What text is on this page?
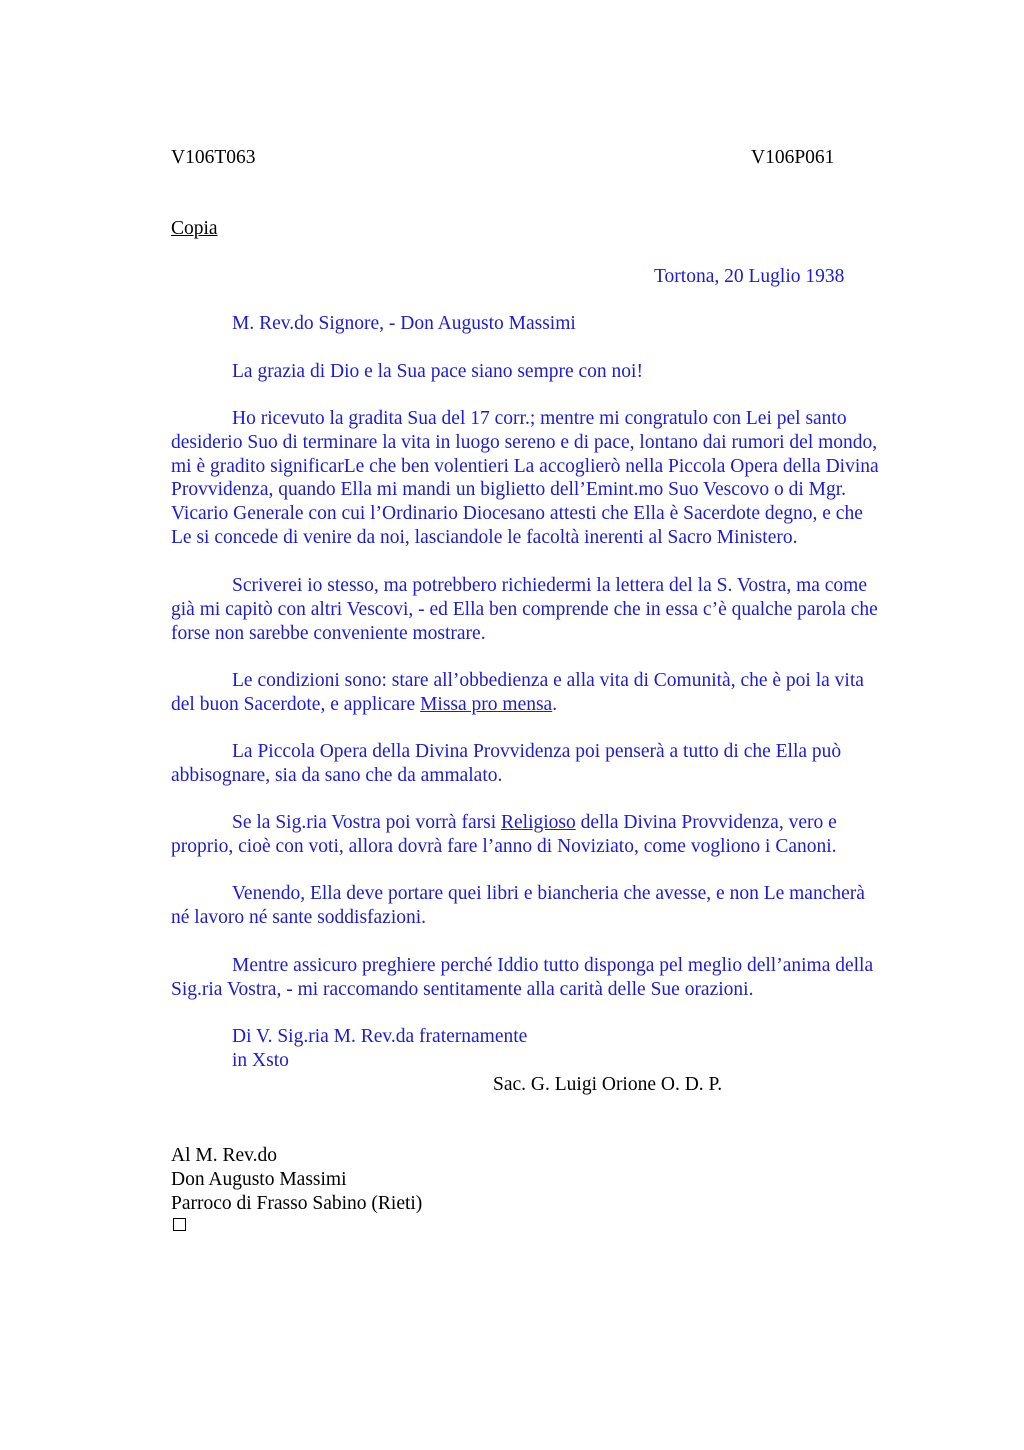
V106T063	V106P061
Copia
Tortona, 20 Luglio 1938
M. Rev.do Signore, - Don Augusto Massimi
La grazia di Dio e la Sua pace siano sempre con noi!
Ho ricevuto la gradita Sua del 17 corr.; mentre mi congratulo con Lei pel santo
desiderio Suo di terminare la vita in luogo sereno e di pace, lontano dai rumori del mondo,
mi è gradito significarLe che ben volentieri La accoglierò nella Piccola Opera della Divina
Provvidenza, quando Ella mi mandi un biglietto dell’Emint.mo Suo Vescovo o di Mgr.
Vicario Generale con cui l’Ordinario Diocesano attesti che Ella è Sacerdote degno, e che
Le si concede di venire da noi, lasciandole le facoltà inerenti al Sacro Ministero.
Scriverei io stesso, ma potrebbero richiedermi la lettera del la S. Vostra, ma come
già mi capitò con altri Vescovi, - ed Ella ben comprende che in essa c’è qualche parola che
forse non sarebbe conveniente mostrare.
Le condizioni sono: stare all’obbedienza e alla vita di Comunità, che è poi la vita
del buon Sacerdote, e applicare Missa pro mensa.
La Piccola Opera della Divina Provvidenza poi penserà a tutto di che Ella può
abbisognare, sia da sano che da ammalato.
Se la Sig.ria Vostra poi vorrà farsi Religioso della Divina Provvidenza, vero e
proprio, cioè con voti, allora dovrà fare l’anno di Noviziato, come vogliono i Canoni.
Venendo, Ella deve portare quei libri e biancheria che avesse, e non Le mancherà
né lavoro né sante soddisfazioni.
Mentre assicuro preghiere perché Iddio tutto disponga pel meglio dell’anima della
Sig.ria Vostra, - mi raccomando sentitamente alla carità delle Sue orazioni.
Di V. Sig.ria M. Rev.da fraternamente
in Xsto
Sac. G. Luigi Orione O. D. P.
Al M. Rev.do
Don Augusto Massimi
Parroco di Frasso Sabino (Rieti)
